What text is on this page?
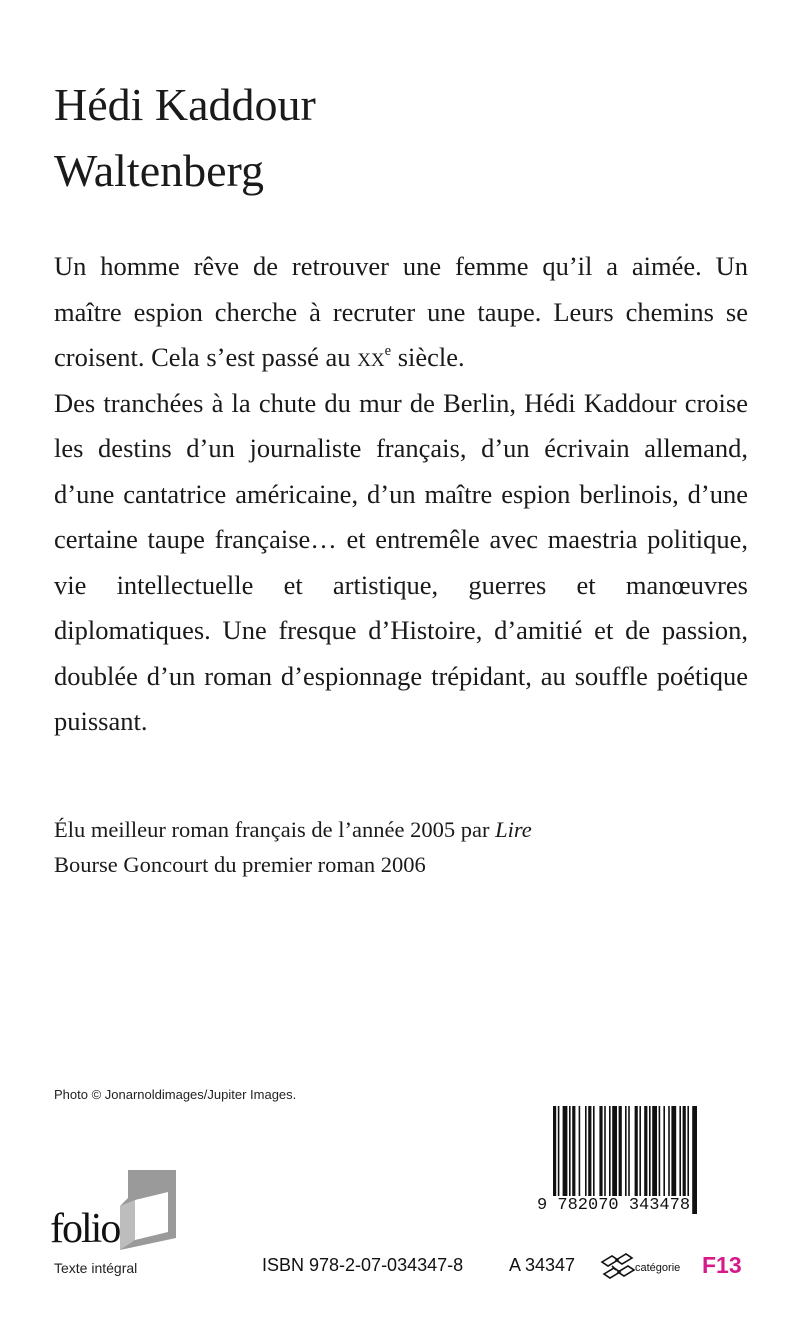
Hédi Kaddour
Waltenberg

Un homme rêve de retrouver une femme qu’il a aimée. Un maître espion cherche à recruter une taupe. Leurs chemins se croisent. Cela s’est passé au $xx^e$ siècle.

Des tranchées à la chute du mur de Berlin, Hédi Kaddour croise les destins d’un journaliste français, d’un écrivain allemand, d’une cantatrice américaine, d’un maître espion berlinois, d’une certaine taupe française… et entremêle avec maestria politique, vie intellectuelle et artistique, guerres et manœuvres diplomatiques. Une fresque d’Histoire, d’amitié et de passion, doublée d’un roman d’espionnage trépidant, au souffle poétique puissant.

Élu meilleur roman français de l’année 2005 par Lire
Bourse Goncourt du premier roman 2006
Photo © Jonarnoldimages/Jupiter Images.
folio
Texte intégral
9 782070 343478
ISBN 978-2-07-034347-8	A 34347	catégorie F13
